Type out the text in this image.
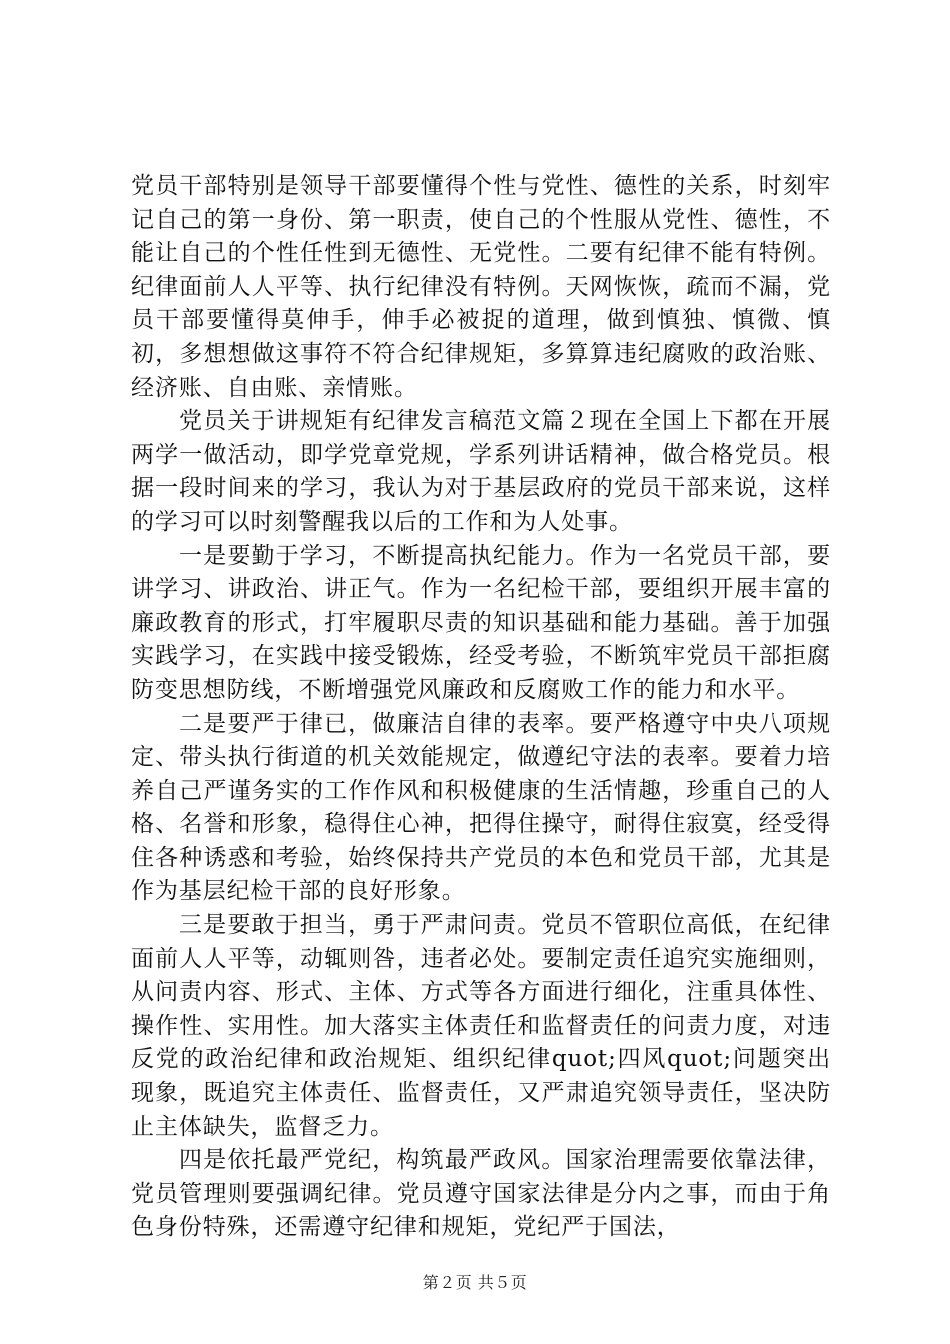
党员干部特别是领导干部要懂得个性与党性、德性的关系，时刻牢记自己的第一身份、第一职责，使自己的个性服从党性、德性，不能让自己的个性任性到无德性、无党性。二要有纪律不能有特例。纪律面前人人平等、执行纪律没有特例。天网恢恢，疏而不漏，党员干部要懂得莫伸手，伸手必被捉的道理，做到慎独、慎微、慎初，多想想做这事符不符合纪律规矩，多算算违纪腐败的政治账、经济账、自由账、亲情账。

党员关于讲规矩有纪律发言稿范文篇２现在全国上下都在开展两学一做活动，即学党章党规，学系列讲话精神，做合格党员。根据一段时间来的学习，我认为对于基层政府的党员干部来说，这样的学习可以时刻警醒我以后的工作和为人处事。

一是要勤于学习，不断提高执纪能力。作为一名党员干部，要讲学习、讲政治、讲正气。作为一名纪检干部，要组织开展丰富的廉政教育的形式，打牢履职尽责的知识基础和能力基础。善于加强实践学习，在实践中接受锻炼，经受考验，不断筑牢党员干部拒腐防变思想防线，不断增强党风廉政和反腐败工作的能力和水平。

二是要严于律已，做廉洁自律的表率。要严格遵守中央八项规定、带头执行街道的机关效能规定，做遵纪守法的表率。要着力培养自己严谨务实的工作作风和积极健康的生活情趣，珍重自己的人格、名誉和形象，稳得住心神，把得住操守，耐得住寂寞，经受得住各种诱惑和考验，始终保持共产党员的本色和党员干部，尤其是作为基层纪检干部的良好形象。

三是要敢于担当，勇于严肃问责。党员不管职位高低，在纪律面前人人平等，动辄则咎，违者必处。要制定责任追究实施细则，从问责内容、形式、主体、方式等各方面进行细化，注重具体性、操作性、实用性。加大落实主体责任和监督责任的问责力度，对违反党的政治纪律和政治规矩、组织纪律quot;四风quot;问题突出现象，既追究主体责任、监督责任，又严肃追究领导责任，坚决防止主体缺失，监督乏力。

四是依托最严党纪，构筑最严政风。国家治理需要依靠法律，党员管理则要强调纪律。党员遵守国家法律是分内之事，而由于角色身份特殊，还需遵守纪律和规矩，党纪严于国法，

第２页 共５页
